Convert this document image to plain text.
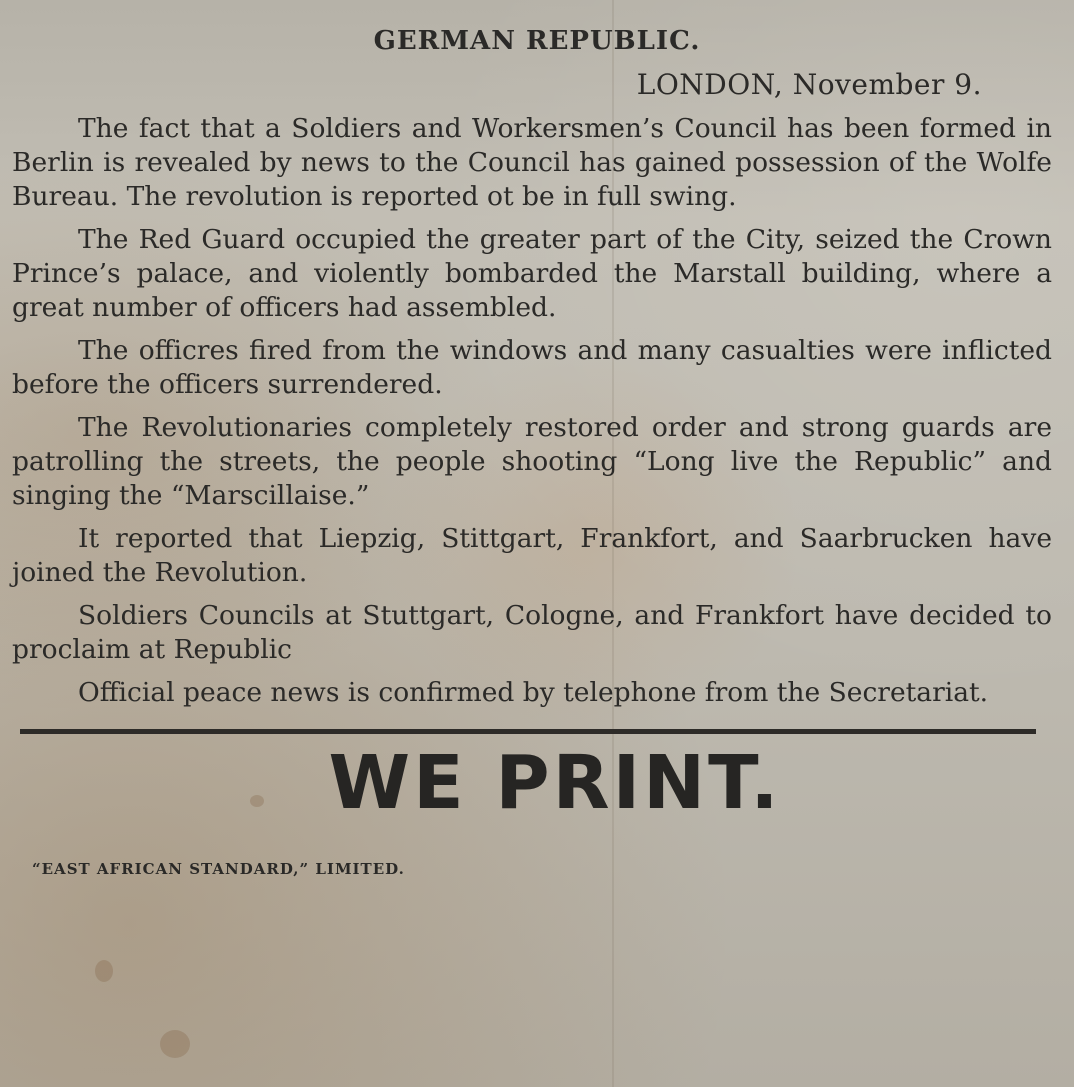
GERMAN REPUBLIC.
LONDON, November 9.

The fact that a Soldiers and Workersmen’s Council has been formed in Berlin is revealed by news to the Council has gained possession of the Wolfe Bureau. The revolution is reported ot be in full swing.

The Red Guard occupied the greater part of the City, seized the Crown Prince’s palace, and violently bombarded the Marstall building, where a great number of officers had assembled.

The officres fired from the windows and many casualties were inflicted before the officers surrendered.

The Revolutionaries completely restored order and strong guards are patrolling the streets, the people shooting “Long live the Republic” and singing the “Marscillaise.”

It reported that Liepzig, Stittgart, Frankfort, and Saarbrucken have joined the Revolution.

Soldiers Councils at Stuttgart, Cologne, and Frankfort have decided to proclaim at Republic

Official peace news is confirmed by telephone from the Secretariat.

WE PRINT.
“EAST AFRICAN STANDARD,” LIMITED.
